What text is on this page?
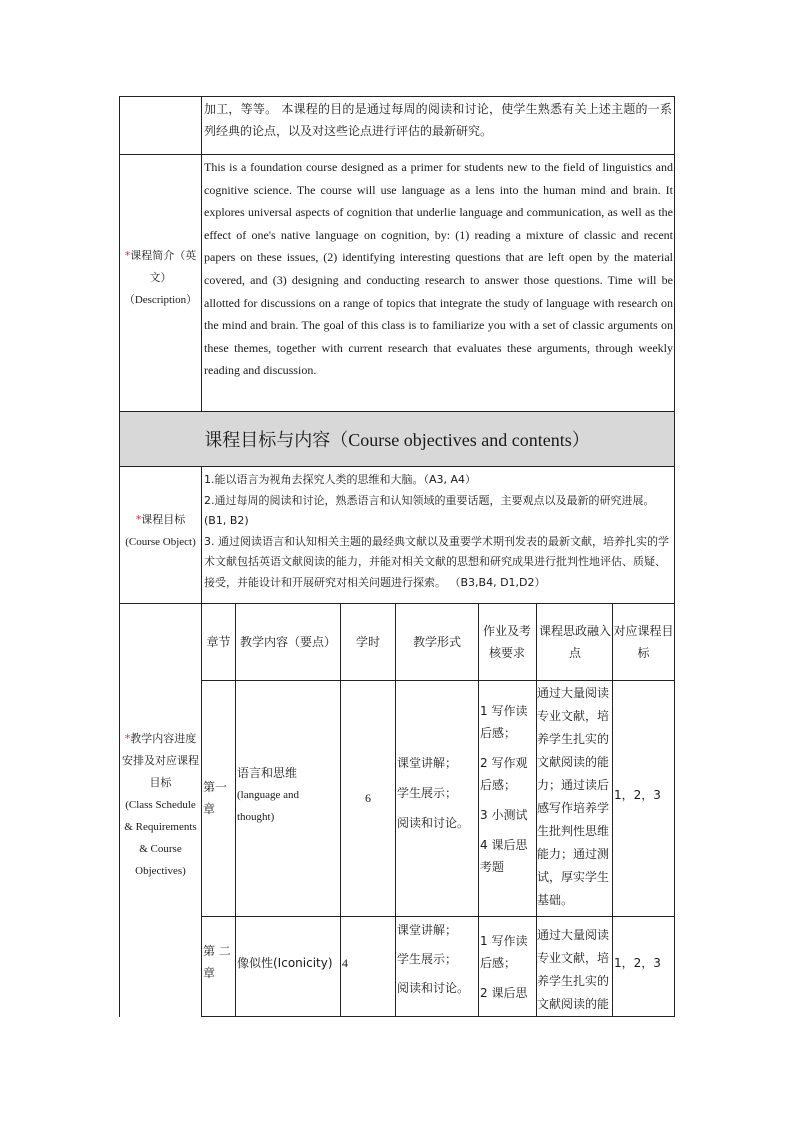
加工，等等。 本课程的目的是通过每周的阅读和讨论，使学生熟悉有关上述主题的一系列经典的论点，以及对这些论点进行评估的最新研究。
*课程简介（英文）
（Description）
This is a foundation course designed as a primer for students new to the field of linguistics and cognitive science. The course will use language as a lens into the human mind and brain. It explores universal aspects of cognition that underlie language and communication, as well as the effect of one's native language on cognition, by: (1) reading a mixture of classic and recent papers on these issues, (2) identifying interesting questions that are left open by the material covered, and (3) designing and conducting research to answer those questions. Time will be allotted for discussions on a range of topics that integrate the study of language with research on the mind and brain. The goal of this class is to familiarize you with a set of classic arguments on these themes, together with current research that evaluates these arguments, through weekly reading and discussion.
课程目标与内容（Course objectives and contents）
*课程目标
(Course Object)
1.能以语言为视角去探究人类的思维和大脑。（A3, A4）
2.通过每周的阅读和讨论，熟悉语言和认知领域的重要话题，主要观点以及最新的研究进展。(B1, B2)
3. 通过阅读语言和认知相关主题的最经典文献以及重要学术期刊发表的最新文献，培养扎实的学术文献包括英语文献阅读的能力，并能对相关文献的思想和研究成果进行批判性地评估、质疑、接受，并能设计和开展研究对相关问题进行探索。 （B3,B4, D1,D2）
*教学内容进度安排及对应课程目标
(Class Schedule & Requirements & Course Objectives)
章节 教学内容（要点） 学时	教学形式
作业及考核要求
课程思政融入点
对应课程目标
第一章
语言和思维
(language and thought)
6
课堂讲解；
学生展示；
阅读和讨论。
1 写作读后感；
2 写作观后感；
3 小测试
4 课后思考题
通过大量阅读专业文献，培养学生扎实的文献阅读的能力；通过读后感写作培养学生批判性思维能力；通过测试，厚实学生基础。
1，2，3
第 二章
像似性(Iconicity) 4
课堂讲解；
学生展示；
阅读和讨论。
1 写作读后感；
2 课后思
通过大量阅读专业文献，培养学生扎实的文献阅读的能
1，2，3
